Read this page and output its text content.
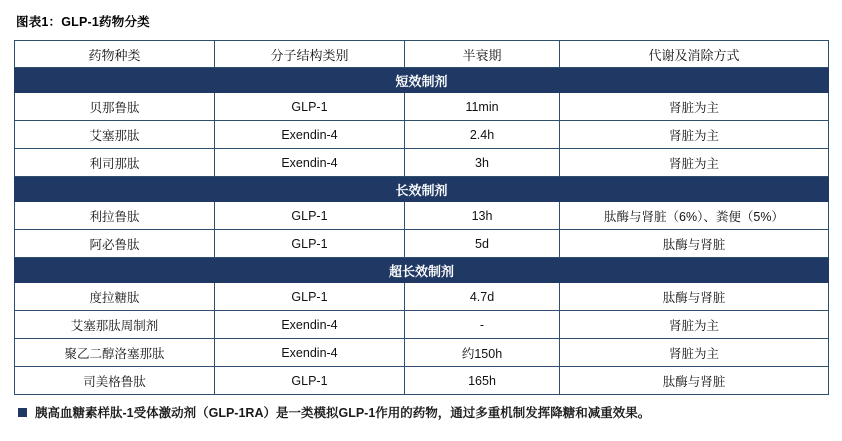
图表1：GLP-1药物分类
药物种类	分子结构类别	半衰期	代谢及消除方式
短效制剂			
贝那鲁肽	GLP-1	11min	肾脏为主
艾塞那肽	Exendin-4	2.4h	肾脏为主
利司那肽	Exendin-4	3h	肾脏为主
长效制剂			
利拉鲁肽	GLP-1	13h	肽酶与肾脏（6%）、粪便（5%）
阿必鲁肽	GLP-1	5d	肽酶与肾脏
超长效制剂			
度拉糖肽	GLP-1	4.7d	肽酶与肾脏
艾塞那肽周制剂	Exendin-4	-	肾脏为主
聚乙二醇洛塞那肽	Exendin-4	约150h	肾脏为主
司美格鲁肽	GLP-1	165h	肽酶与肾脏
胰高血糖素样肽-1受体激动剂（GLP-1RA）是一类模拟GLP-1作用的药物，通过多重机制发挥降糖和减重效果。
